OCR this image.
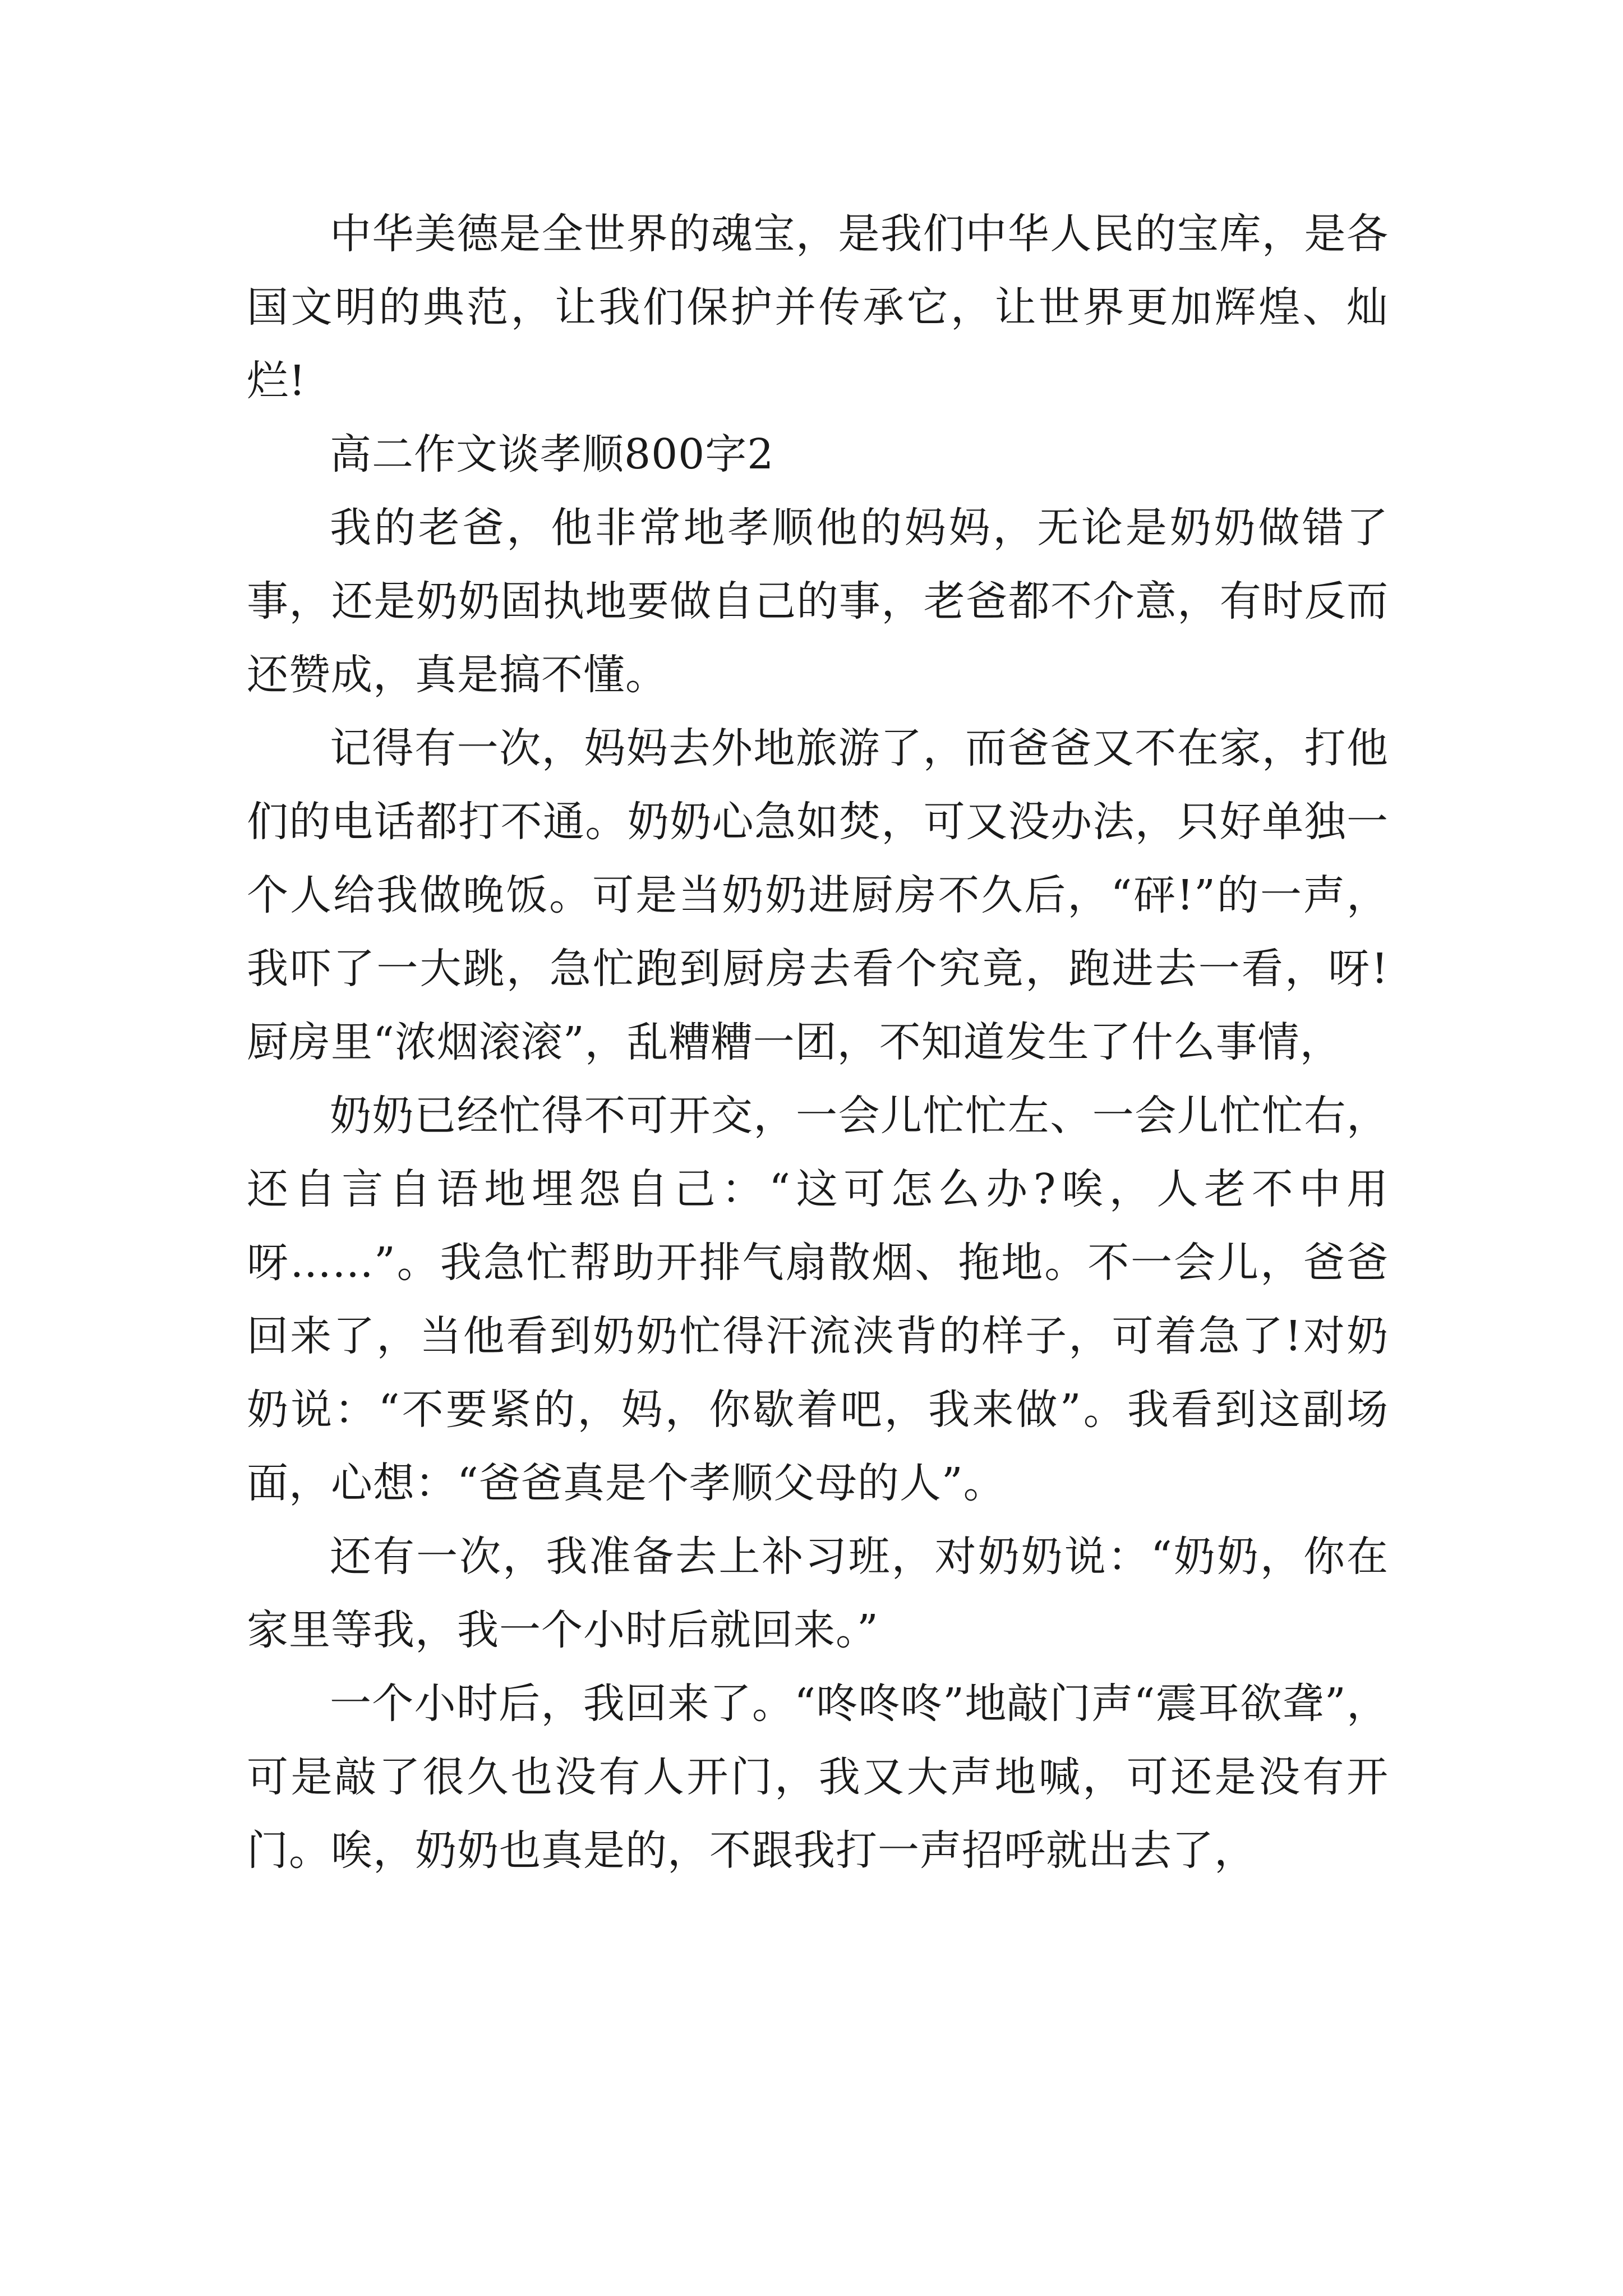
中华美德是全世界的魂宝，是我们中华人民的宝库，是各国文明的典范，让我们保护并传承它，让世界更加辉煌、灿烂!

高二作文谈孝顺800字2

我的老爸，他非常地孝顺他的妈妈，无论是奶奶做错了事，还是奶奶固执地要做自己的事，老爸都不介意，有时反而还赞成，真是搞不懂。

记得有一次，妈妈去外地旅游了，而爸爸又不在家，打他们的电话都打不通。奶奶心急如焚，可又没办法，只好单独一个人给我做晚饭。可是当奶奶进厨房不久后，“砰!”的一声，我吓了一大跳，急忙跑到厨房去看个究竟，跑进去一看，呀!厨房里“浓烟滚滚”，乱糟糟一团，不知道发生了什么事情，

奶奶已经忙得不可开交，一会儿忙忙左、一会儿忙忙右，还自言自语地埋怨自己：“这可怎么办?唉，人老不中用呀……”。我急忙帮助开排气扇散烟、拖地。不一会儿，爸爸回来了，当他看到奶奶忙得汗流浃背的样子，可着急了!对奶奶说：“不要紧的，妈，你歇着吧，我来做”。我看到这副场面，心想：“爸爸真是个孝顺父母的人”。

还有一次，我准备去上补习班，对奶奶说：“奶奶，你在家里等我，我一个小时后就回来。”

一个小时后，我回来了。“咚咚咚”地敲门声“震耳欲聋”，可是敲了很久也没有人开门，我又大声地喊，可还是没有开门。唉，奶奶也真是的，不跟我打一声招呼就出去了，
